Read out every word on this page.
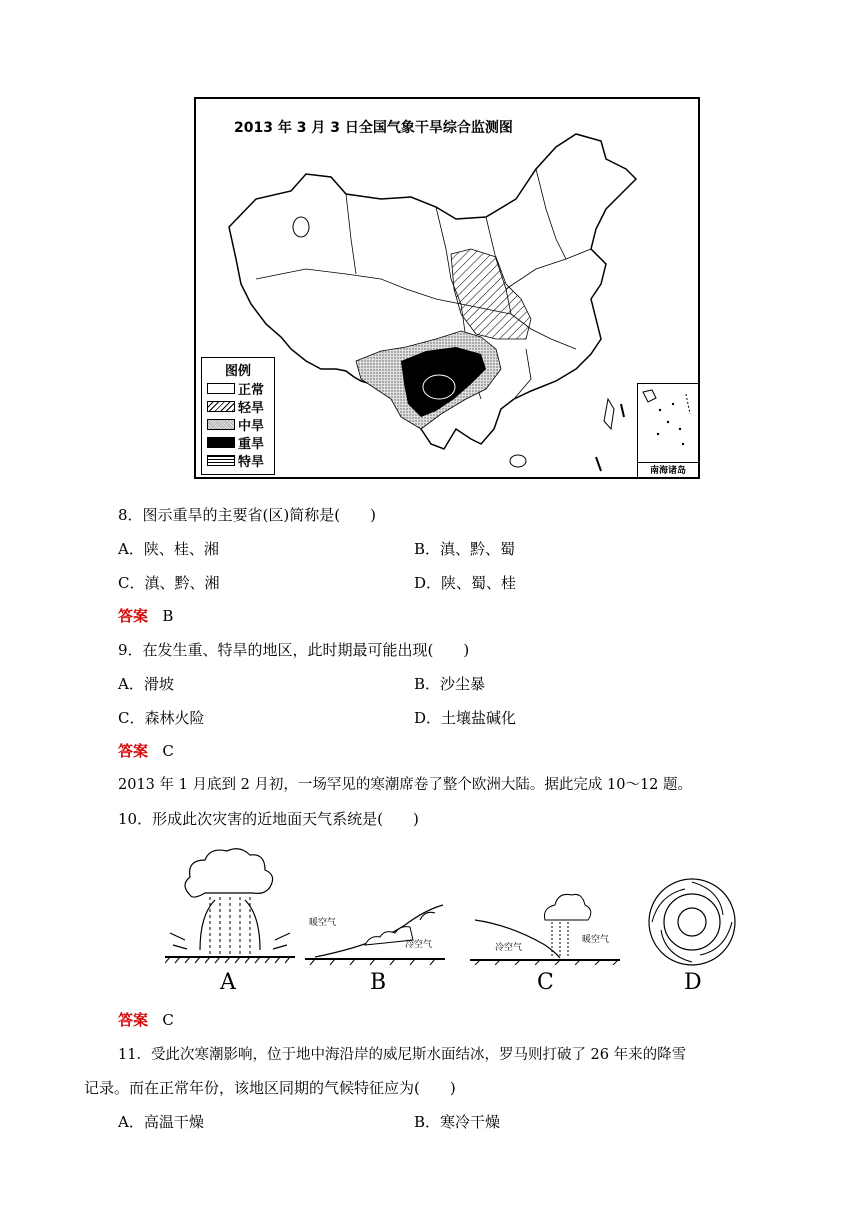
2013 年 3 月 3 日全国气象干旱综合监测图
图例
正常
轻旱
中旱
重旱
特旱
南海诸岛
8．图示重旱的主要省(区)简称是(　　)
A．陕、桂、湘	B．滇、黔、蜀
C．滇、黔、湘	D．陕、蜀、桂
答案 B
9．在发生重、特旱的地区，此时期最可能出现(　　)
A．滑坡	B．沙尘暴
C．森林火险	D．土壤盐碱化
答案 C
2013 年 1 月底到 2 月初，一场罕见的寒潮席卷了整个欧洲大陆。据此完成 10～12 题。
10．形成此次灾害的近地面天气系统是(　　)
A
暖空气
冷空气
B
冷空气
暖空气
C	D
答案 C
11．受此次寒潮影响，位于地中海沿岸的威尼斯水面结冰，罗马则打破了 26 年来的降雪
记录。而在正常年份，该地区同期的气候特征应为(　　)
A．高温干燥	B．寒冷干燥
